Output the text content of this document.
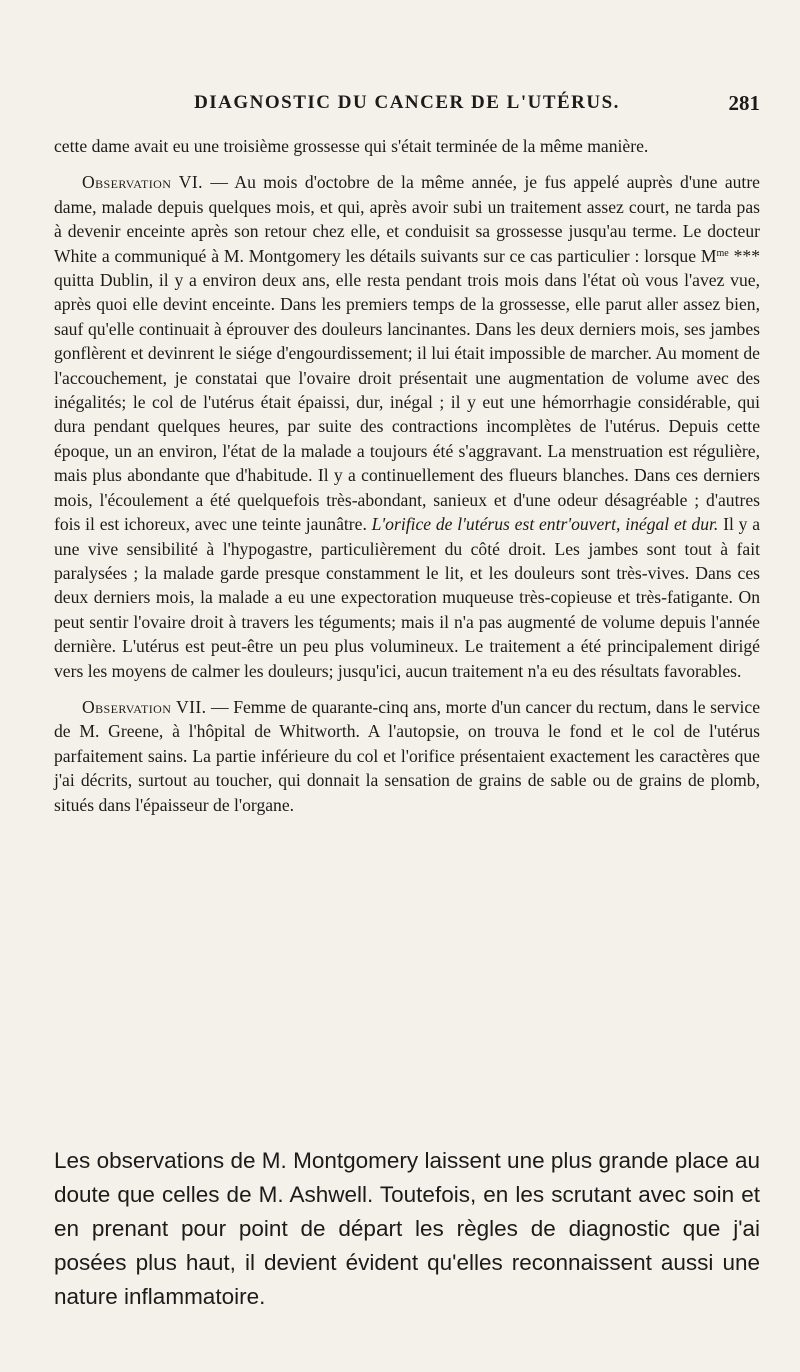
DIAGNOSTIC DU CANCER DE L'UTÉRUS.	281

cette dame avait eu une troisième grossesse qui s'était terminée de la même manière.

Observation VI. — Au mois d'octobre de la même année, je fus appelé auprès d'une autre dame, malade depuis quelques mois, et qui, après avoir subi un traitement assez court, ne tarda pas à devenir enceinte après son retour chez elle, et conduisit sa grossesse jusqu'au terme. Le docteur White a communiqué à M. Montgomery les détails suivants sur ce cas particulier : lorsque $M^{me}$ *** quitta Dublin, il y a environ deux ans, elle resta pendant trois mois dans l'état où vous l'avez vue, après quoi elle devint enceinte. Dans les premiers temps de la grossesse, elle parut aller assez bien, sauf qu'elle continuait à éprouver des douleurs lancinantes. Dans les deux derniers mois, ses jambes gonflèrent et devinrent le siége d'engourdissement; il lui était impossible de marcher. Au moment de l'accouchement, je constatai que l'ovaire droit présentait une augmentation de volume avec des inégalités; le col de l'utérus était épaissi, dur, inégal ; il y eut une hémorrhagie considérable, qui dura pendant quelques heures, par suite des contractions incomplètes de l'utérus. Depuis cette époque, un an environ, l'état de la malade a toujours été s'aggravant. La menstruation est régulière, mais plus abondante que d'habitude. Il y a continuellement des flueurs blanches. Dans ces derniers mois, l'écoulement a été quelquefois très-abondant, sanieux et d'une odeur désagréable ; d'autres fois il est ichoreux, avec une teinte jaunâtre. L'orifice de l'utérus est entr'ouvert, inégal et dur. Il y a une vive sensibilité à l'hypogastre, particulièrement du côté droit. Les jambes sont tout à fait paralysées ; la malade garde presque constamment le lit, et les douleurs sont très-vives. Dans ces deux derniers mois, la malade a eu une expectoration muqueuse très-copieuse et très-fatigante. On peut sentir l'ovaire droit à travers les téguments; mais il n'a pas augmenté de volume depuis l'année dernière. L'utérus est peut-être un peu plus volumineux. Le traitement a été principalement dirigé vers les moyens de calmer les douleurs; jusqu'ici, aucun traitement n'a eu des résultats favorables.

Observation VII. — Femme de quarante-cinq ans, morte d'un cancer du rectum, dans le service de M. Greene, à l'hôpital de Whitworth. A l'autopsie, on trouva le fond et le col de l'utérus parfaitement sains. La partie inférieure du col et l'orifice présentaient exactement les caractères que j'ai décrits, surtout au toucher, qui donnait la sensation de grains de sable ou de grains de plomb, situés dans l'épaisseur de l'organe.

Les observations de M. Montgomery laissent une plus grande place au doute que celles de M. Ashwell. Toutefois, en les scrutant avec soin et en prenant pour point de départ les règles de diagnostic que j'ai posées plus haut, il devient évident qu'elles reconnaissent aussi une nature inflammatoire.
